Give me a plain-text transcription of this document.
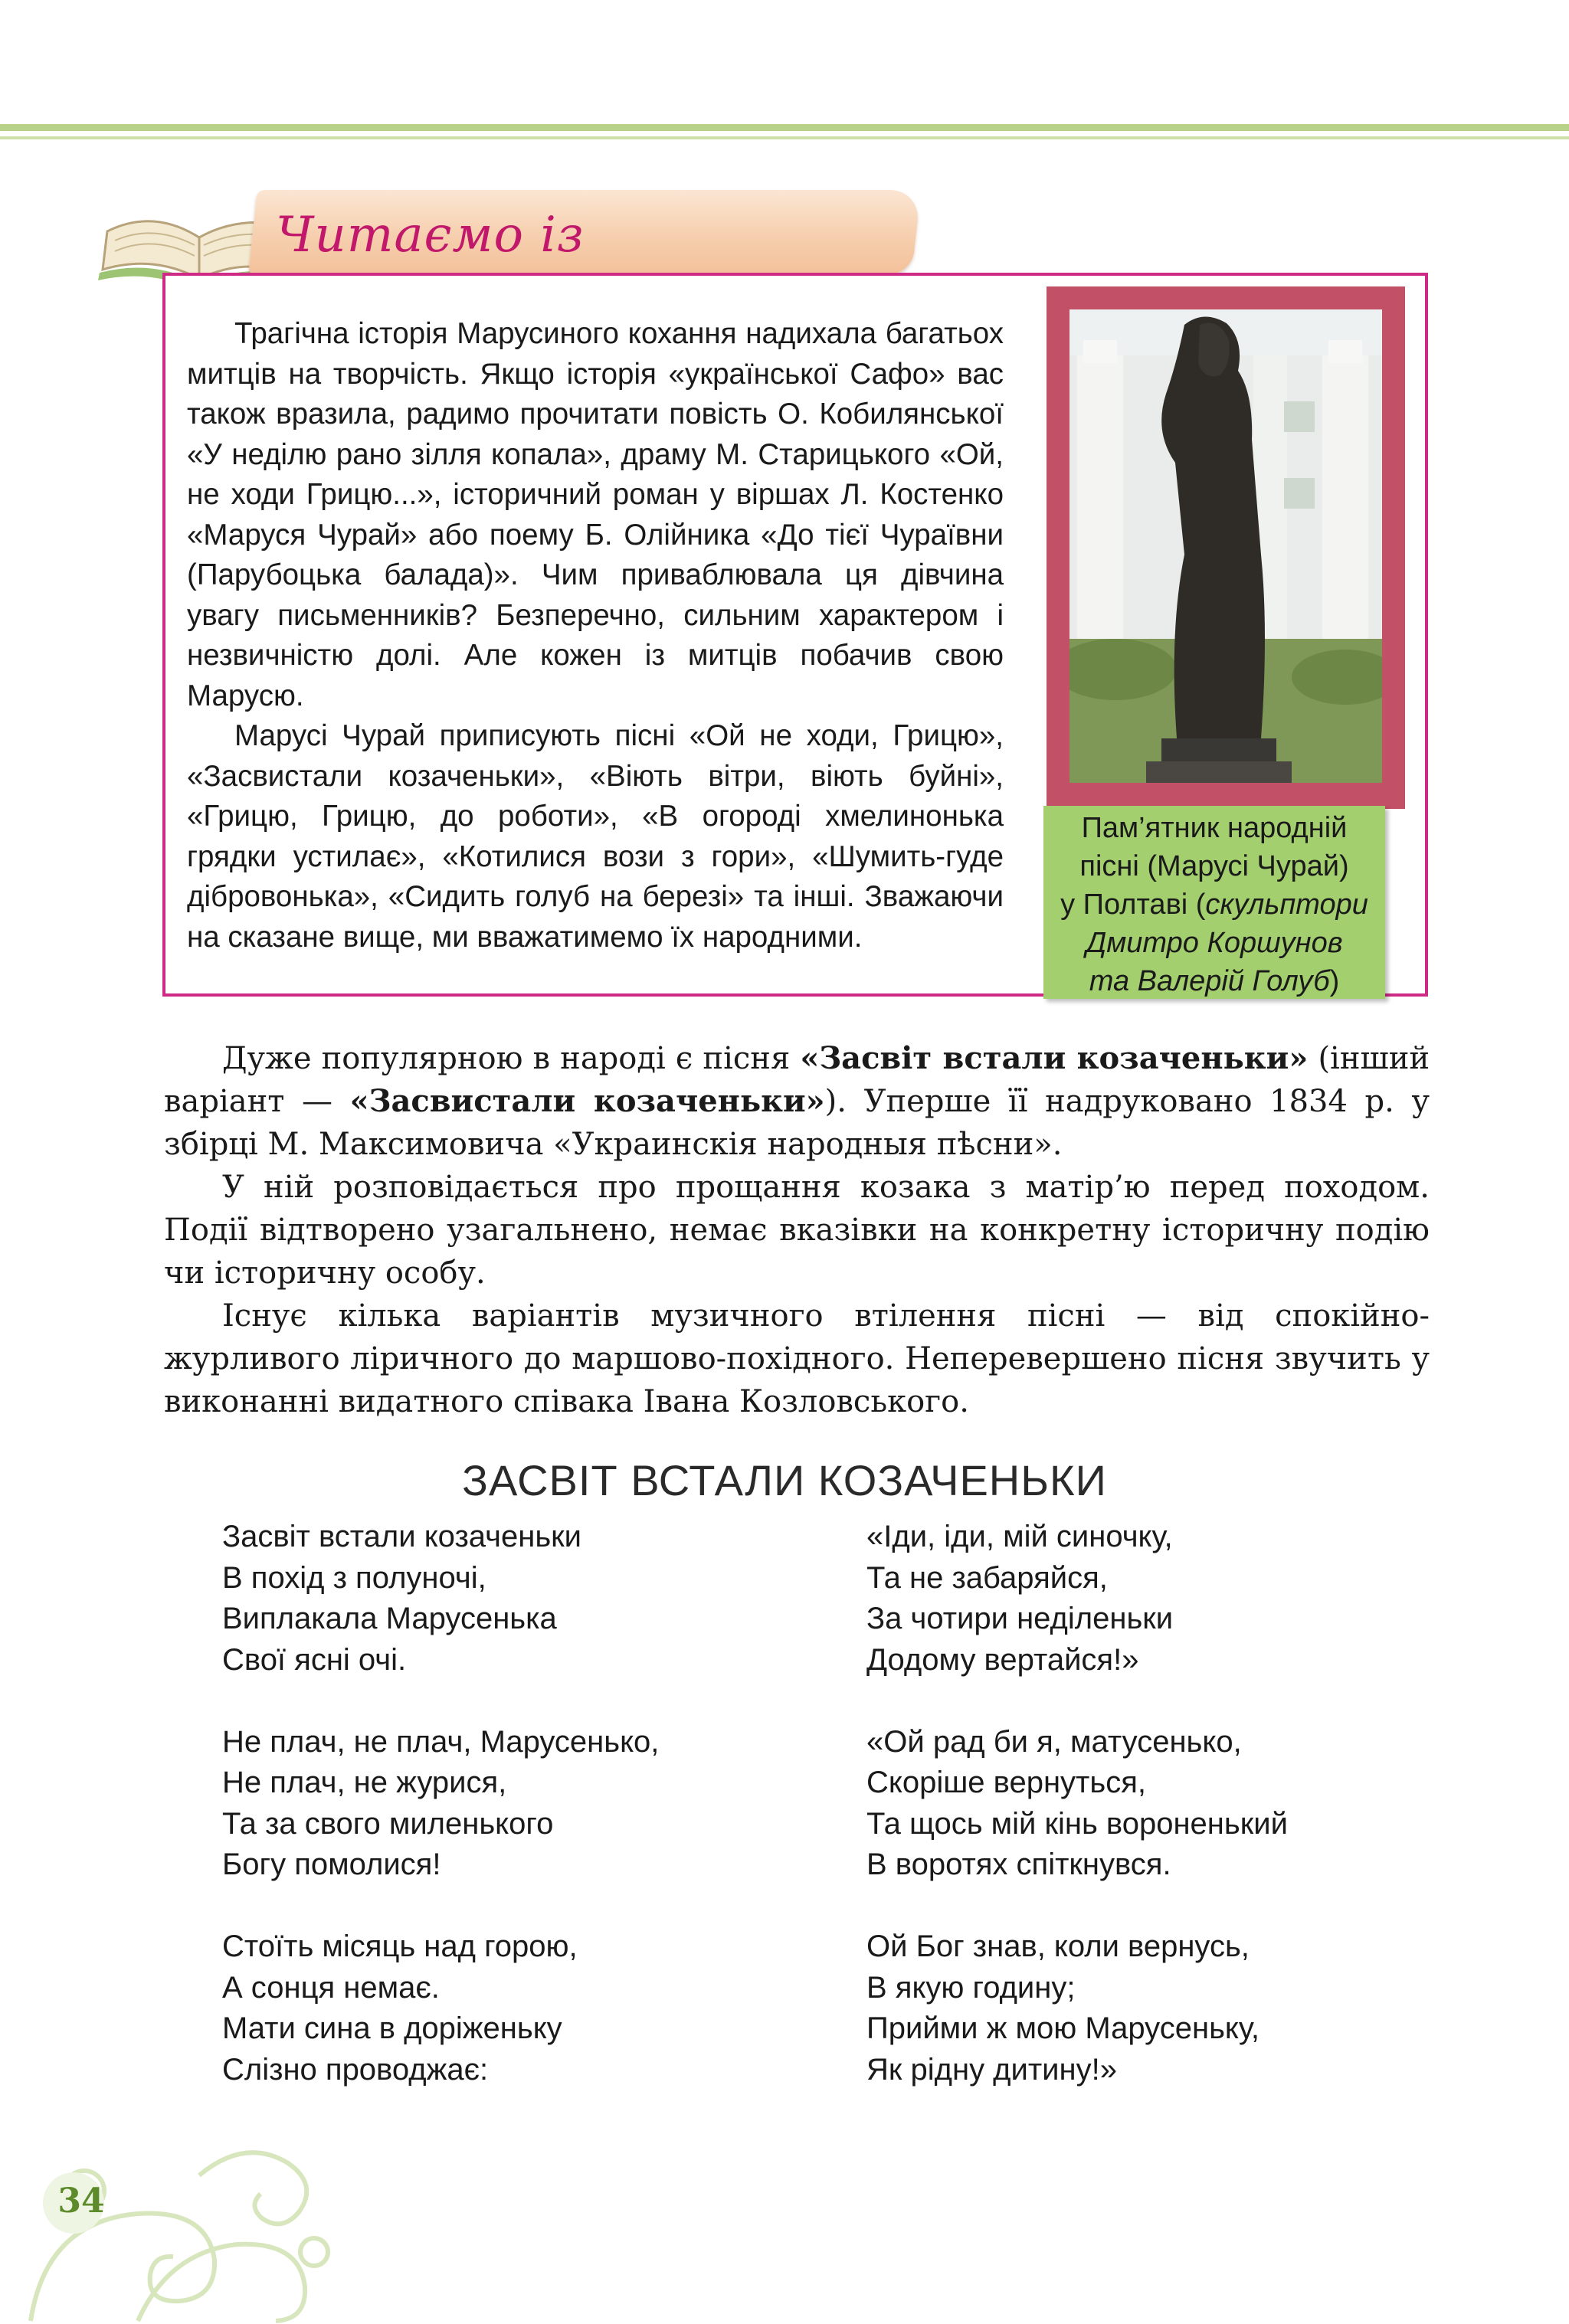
Читаємо із

Трагічна історія Марусиного кохання надихала багатьох митців на творчість. Якщо історія «української Сафо» вас також вразила, радимо прочитати повість О. Кобилянської «У неділю рано зілля копала», драму М. Старицького «Ой, не ходи Грицю...», історичний роман у віршах Л. Костенко «Маруся Чурай» або поему Б. Олійника «До тієї Чураївни (Парубоцька балада)». Чим приваблювала ця дівчина увагу письменників? Безперечно, сильним характером і незвичністю долі. Але кожен із митців побачив свою Марусю.

Марусі Чурай приписують пісні «Ой не ходи, Грицю», «Засвистали козаченьки», «Віють вітри, віють буйні», «Грицю, Грицю, до роботи», «В огороді хмелинонька грядки устилає», «Котилися вози з гори», «Шумить-гуде дібровонька», «Сидить голуб на березі» та інші. Зважаючи на сказане вище, ми вважатимемо їх народними.

Пам’ятник народній
пісні (Марусі Чурай)
у Полтаві (скульптори
Дмитро Коршунов
та Валерій Голуб)

Дуже популярною в народі є пісня «Засвіт встали козаченьки» (інший варіант — «Засвистали козаченьки»). Уперше її надруковано 1834 р. у збірці М. Максимовича «Украинскія народныя пѣсни».

У ній розповідається про прощання козака з матір’ю перед походом. Події відтворено узагальнено, немає вказівки на конкретну історичну подію чи історичну особу.

Існує кілька варіантів музичного втілення пісні — від спокійно-журливого ліричного до маршово-похідного. Неперевершено пісня звучить у виконанні видатного співака Івана Козловського.

ЗАСВІТ ВСТАЛИ КОЗАЧЕНЬКИ
Засвіт встали козаченьки
В похід з полуночі,
Виплакала Марусенька
Свої ясні очі.
Не плач, не плач, Марусенько,
Не плач, не журися,
Та за свого миленького
Богу помолися!
Стоїть місяць над горою,
А сонця немає.
Мати сина в доріженьку
Слізно проводжає:
«Іди, іди, мій синочку,
Та не забаряйся,
За чотири неділеньки
Додому вертайся!»
«Ой рад би я, матусенько,
Скоріше вернуться,
Та щось мій кінь вороненький
В воротях спіткнувся.
Ой Бог знав, коли вернусь,
В якую годину;
Прийми ж мою Марусеньку,
Як рідну дитину!»
34
